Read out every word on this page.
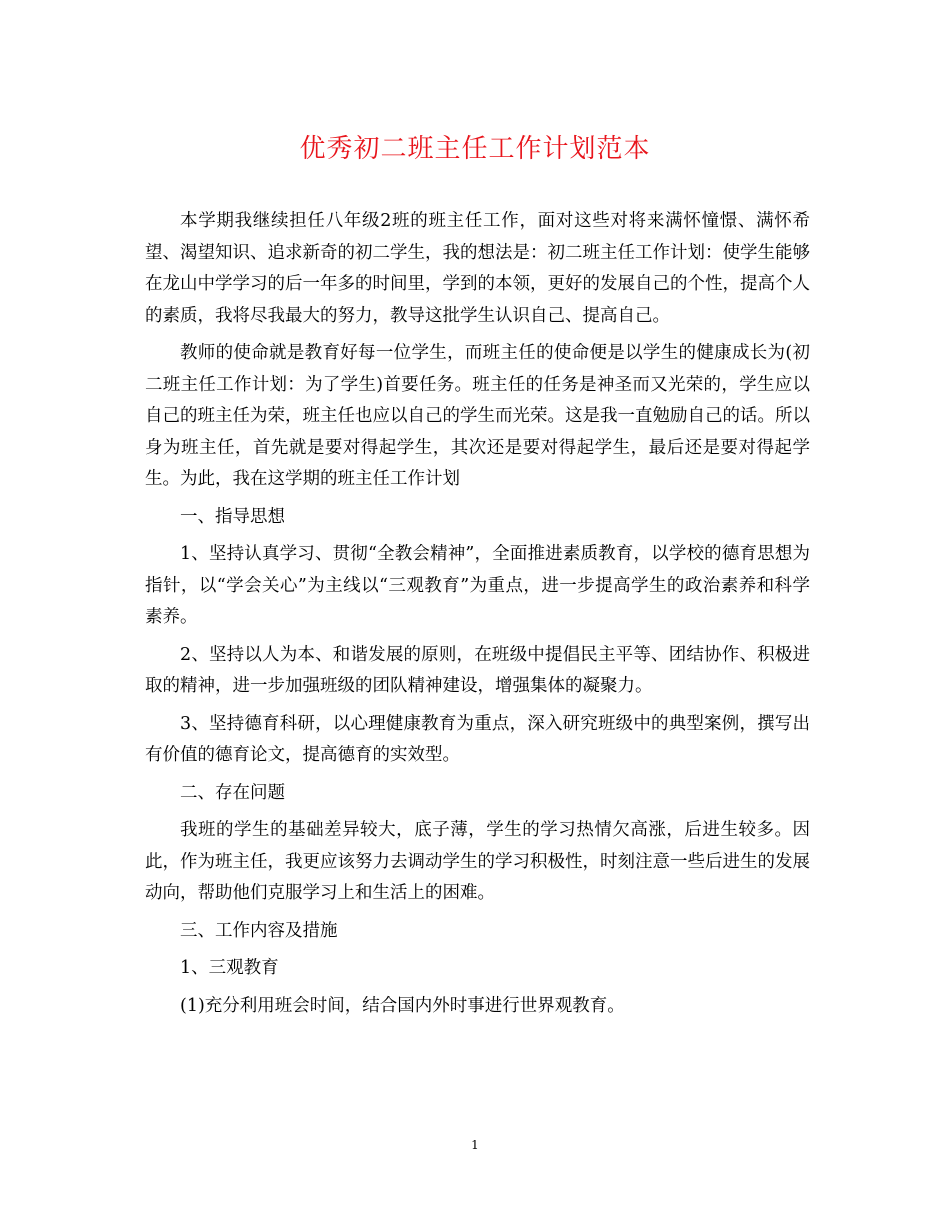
优秀初二班主任工作计划范本

本学期我继续担任八年级2班的班主任工作，面对这些对将来满怀憧憬、满怀希望、渴望知识、追求新奇的初二学生，我的想法是：初二班主任工作计划：使学生能够在龙山中学学习的后一年多的时间里，学到的本领，更好的发展自己的个性，提高个人的素质，我将尽我最大的努力，教导这批学生认识自己、提高自己。

教师的使命就是教育好每一位学生，而班主任的使命便是以学生的健康成长为(初二班主任工作计划：为了学生)首要任务。班主任的任务是神圣而又光荣的，学生应以自己的班主任为荣，班主任也应以自己的学生而光荣。这是我一直勉励自己的话。所以身为班主任，首先就是要对得起学生，其次还是要对得起学生，最后还是要对得起学生。为此，我在这学期的班主任工作计划

一、指导思想

1、坚持认真学习、贯彻“全教会精神”，全面推进素质教育，以学校的德育思想为指针，以“学会关心”为主线以“三观教育”为重点，进一步提高学生的政治素养和科学素养。

2、坚持以人为本、和谐发展的原则，在班级中提倡民主平等、团结协作、积极进取的精神，进一步加强班级的团队精神建设，增强集体的凝聚力。

3、坚持德育科研，以心理健康教育为重点，深入研究班级中的典型案例，撰写出有价值的德育论文，提高德育的实效型。

二、存在问题

我班的学生的基础差异较大，底子薄，学生的学习热情欠高涨，后进生较多。因此，作为班主任，我更应该努力去调动学生的学习积极性，时刻注意一些后进生的发展动向，帮助他们克服学习上和生活上的困难。

三、工作内容及措施

1、三观教育

(1)充分利用班会时间，结合国内外时事进行世界观教育。

1
